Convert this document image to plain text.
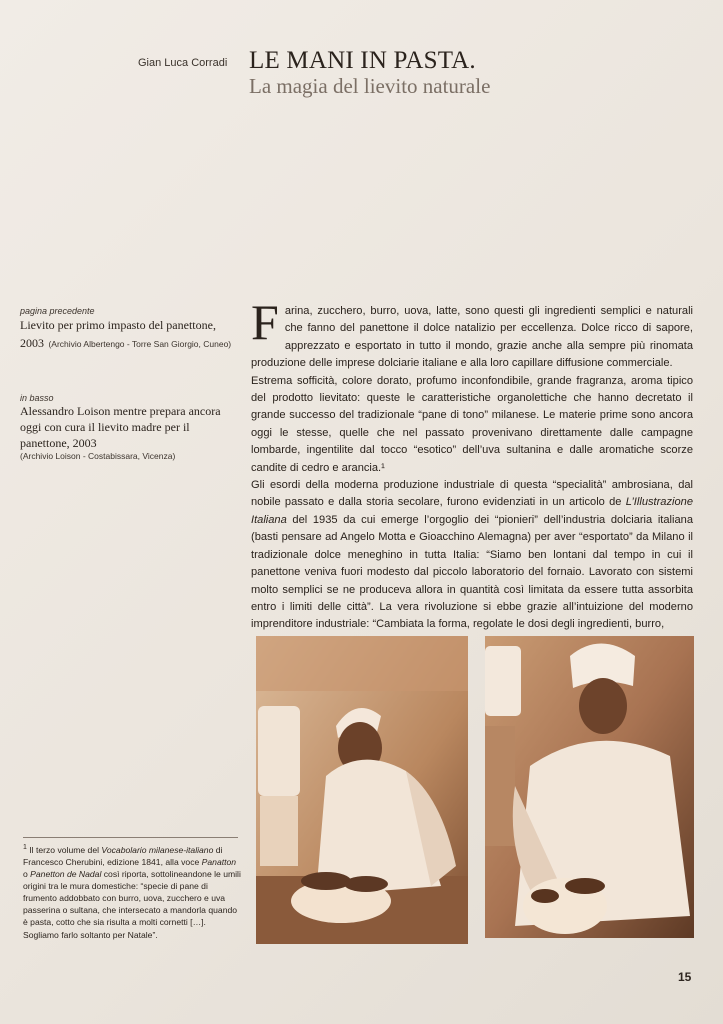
Gian Luca Corradi LE MANI IN PASTA.
La magia del lievito naturale
pagina precedente
Lievito per primo impasto del panettone, 2003 (Archivio Albertengo - Torre San Giorgio, Cuneo)
in basso
Alessandro Loison mentre prepara ancora oggi con cura il lievito madre per il panettone, 2003
(Archivio Loison - Costabissara, Vicenza)

Farina, zucchero, burro, uova, latte, sono questi gli ingredienti semplici e naturali che fanno del panettone il dolce natalizio per eccellenza. Dolce ricco di sapore, apprezzato e esportato in tutto il mondo, grazie anche alla sempre più rinomata produzione delle imprese dolciarie italiane e alla loro capillare diffusione commerciale.

Estrema sofficità, colore dorato, profumo inconfondibile, grande fragranza, aroma tipico del prodotto lievitato: queste le caratteristiche organolettiche che hanno decretato il grande successo del tradizionale “pane di tono” milanese. Le materie prime sono ancora oggi le stesse, quelle che nel passato provenivano direttamente dalle campagne lombarde, ingentilite dal tocco “esotico” dell’uva sultanina e dalle aromatiche scorze candite di cedro e arancia.¹

Gli esordi della moderna produzione industriale di questa “specialità” ambrosiana, dal nobile passato e dalla storia secolare, furono evidenziati in un articolo de L’Illustrazione Italiana del 1935 da cui emerge l’orgoglio dei “pionieri” dell’industria dolciaria italiana (basti pensare ad Angelo Motta e Gioacchino Alemagna) per aver “esportato” da Milano il tradizionale dolce meneghino in tutta Italia: “Siamo ben lontani dal tempo in cui il panettone veniva fuori modesto dal piccolo laboratorio del fornaio. Lavorato con sistemi molto semplici se ne produceva allora in quantità così limitata da essere tutta assorbita entro i limiti delle città”. La vera rivoluzione si ebbe grazie all’intuizione del moderno imprenditore industriale: “Cambiata la forma, regolate le dosi degli ingredienti, burro,

$^1$ Il terzo volume del Vocabolario milanese-italiano di Francesco Cherubini, edizione 1841, alla voce Panatton o Panetton de Nadal così riporta, sottolineandone le umili origini tra le mura domestiche: “specie di pane di frumento addobbato con burro, uova, zucchero e uva passerina o sultana, che intersecato a mandorla quando è pasta, cotto che sia risulta a molti cornetti […]. Sogliamo farlo soltanto per Natale”.
15
